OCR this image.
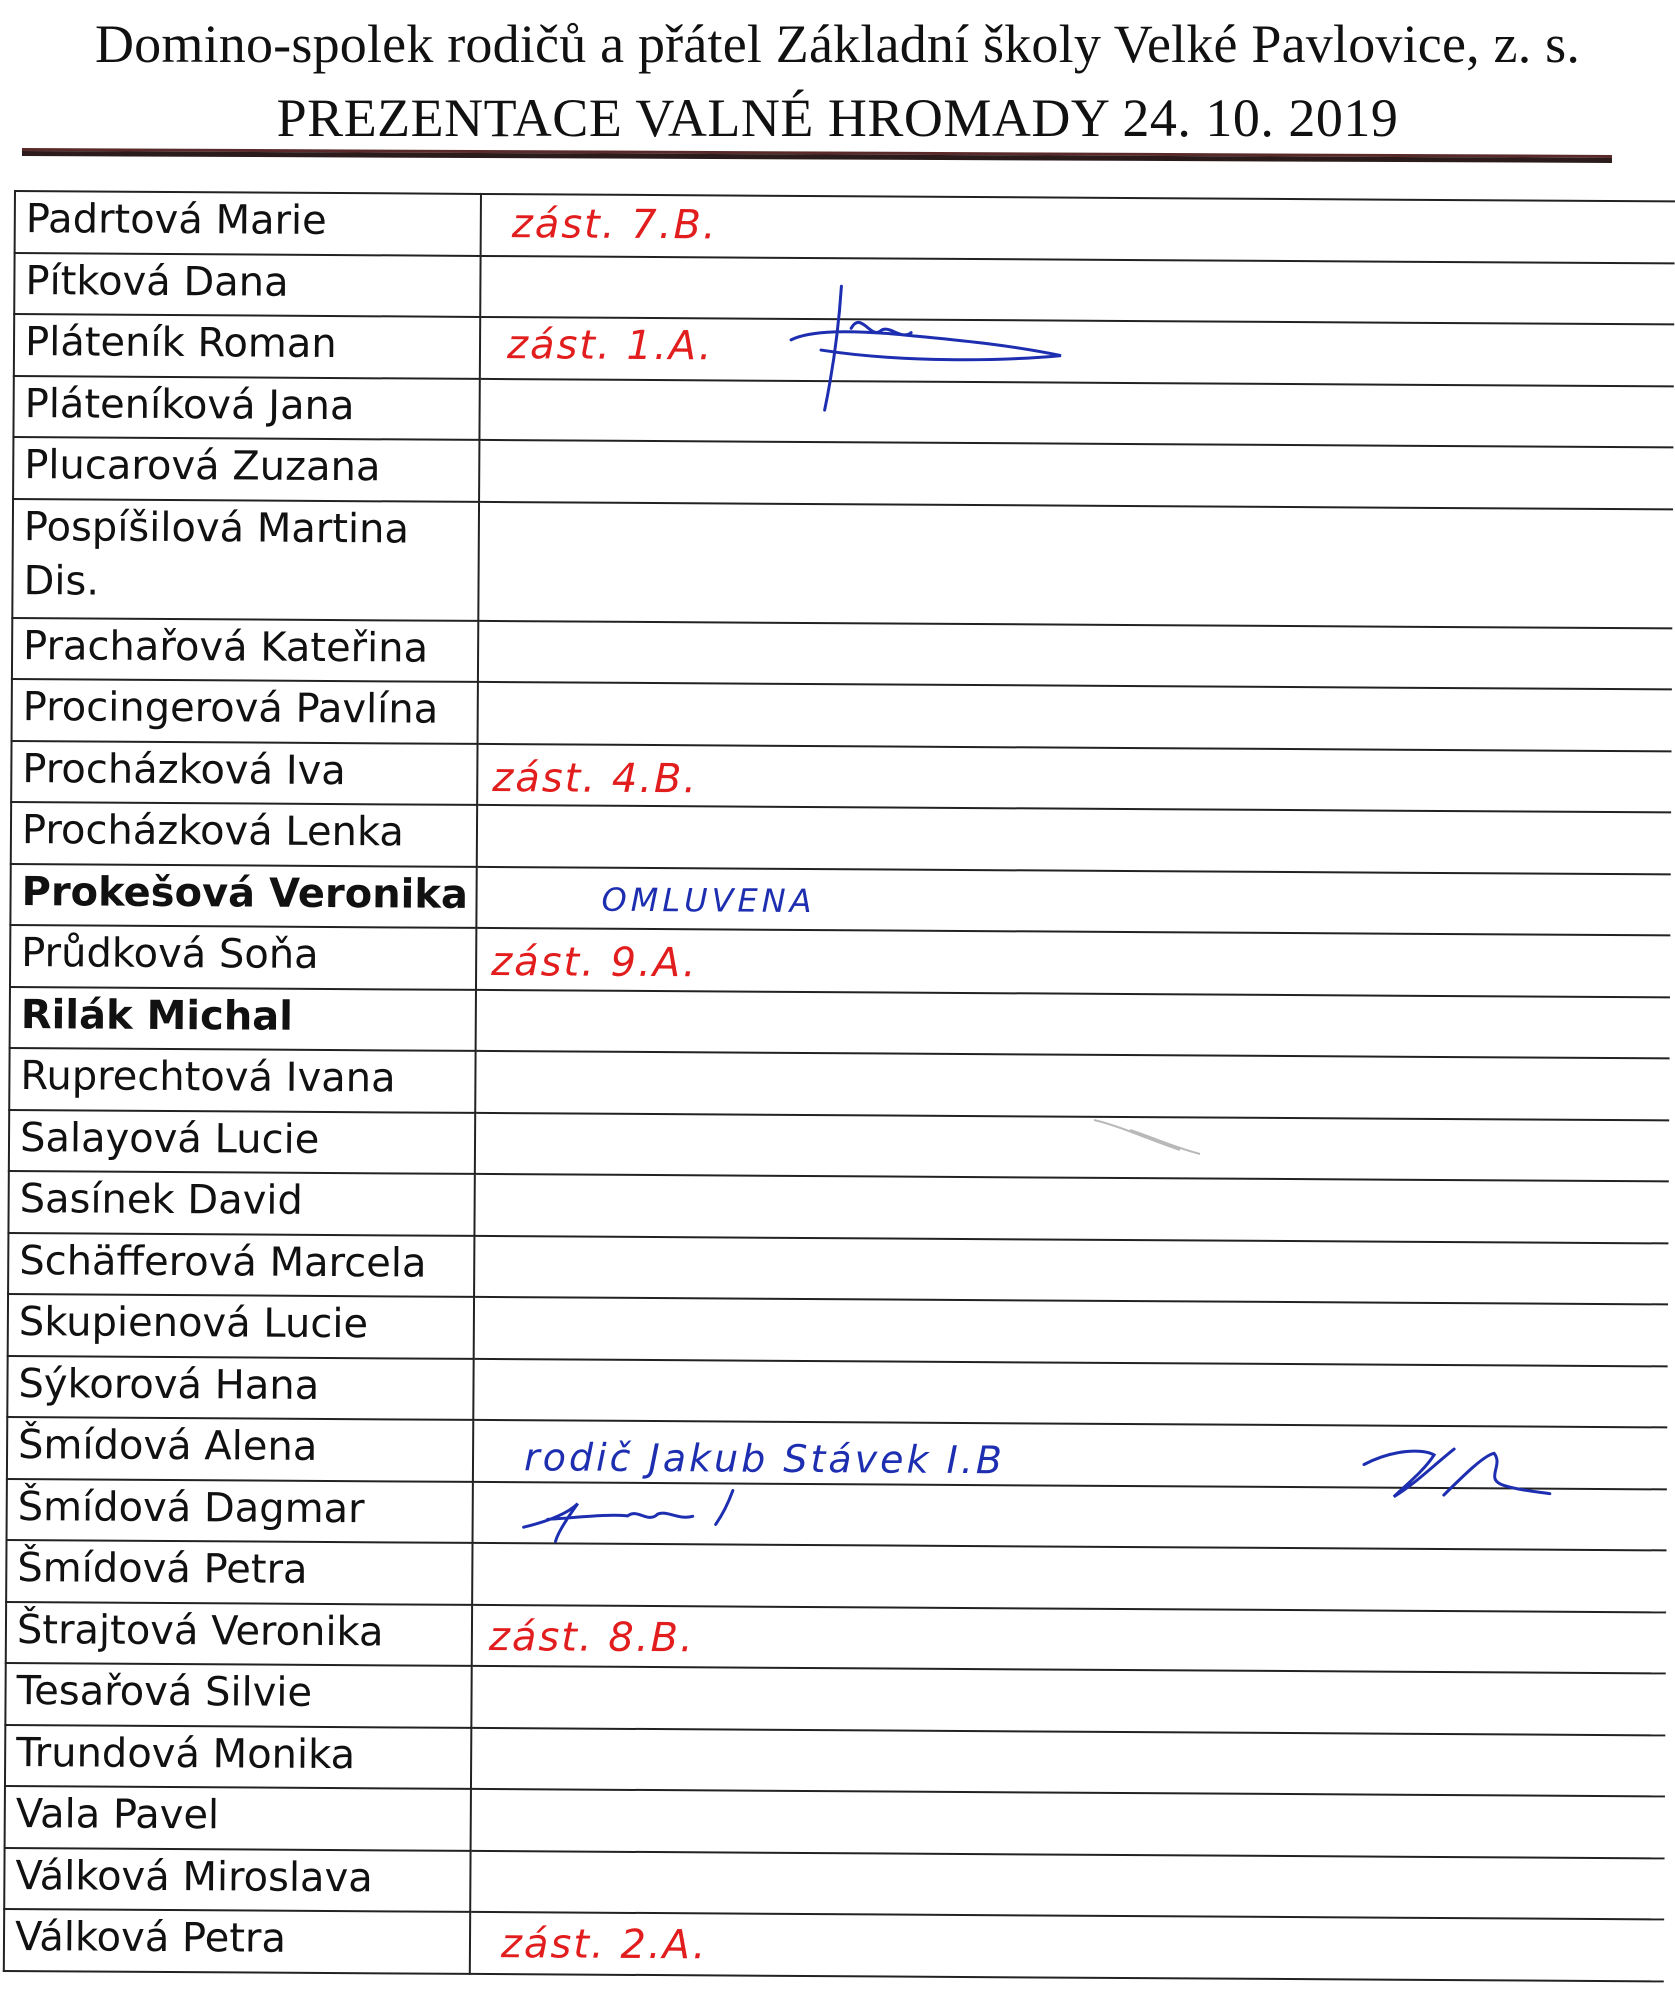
Domino-spolek rodičů a přátel Základní školy Velké Pavlovice, z. s.
PREZENTACE VALNÉ HROMADY 24. 10. 2019
Padrtová Marie	zást. 7.B.

Pítková Dana	
Pláteník Roman	zást. 1.A.

Pláteníková Jana	
Plucarová Zuzana	

Pospíšilová Martina
Dis.	

Prachařová Kateřina	
Procingerová Pavlína	
Procházková Iva	zást. 4.B.

Procházková Lenka	
Prokešová Veronika	OMLUVENA

Průdková Soňa	zást. 9.A.

Rilák Michal	
Ruprechtová Ivana	
Salayová Lucie	
Sasínek David	
Schäfferová Marcela	
Skupienová Lucie	
Sýkorová Hana	
Šmídová Alena	rodič Jakub Stávek I.B

Šmídová Dagmar	

Šmídová Petra	
Štrajtová Veronika	zást. 8.B.

Tesařová Silvie	
Trundová Monika	
Vala Pavel	
Válková Miroslava	
Válková Petra	zást. 2.A.
